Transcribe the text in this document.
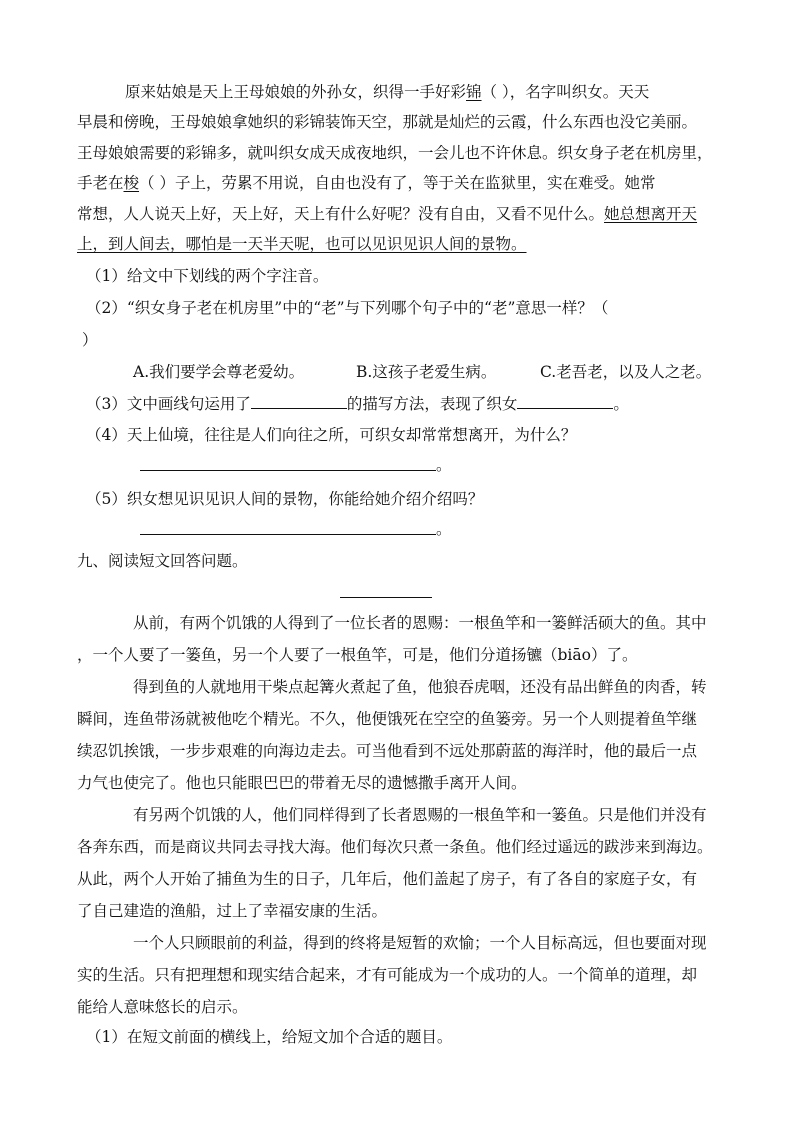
原来姑娘是天上王母娘娘的外孙女，织得一手好彩锦（ ），名字叫织女。天天
早晨和傍晚，王母娘娘拿她织的彩锦装饰天空，那就是灿烂的云霞，什么东西也没它美丽。
王母娘娘需要的彩锦多，就叫织女成天成夜地织，一会儿也不许休息。织女身子老在机房里，
手老在梭（ ）子上，劳累不用说，自由也没有了，等于关在监狱里，实在难受。她常
常想，人人说天上好，天上好，天上有什么好呢？没有自由，又看不见什么。她总想离开天
上，到人间去，哪怕是一天半天呢，也可以见识见识人间的景物。
（1）给文中下划线的两个字注音。
（2）“织女身子老在机房里”中的“老”与下列哪个句子中的“老”意思一样？（
）
A.我们要学会尊老爱幼。	B.这孩子老爱生病。	C.老吾老，以及人之老。
（3）文中画线句运用了	的描写方法，表现了织女	。
（4）天上仙境，往往是人们向往之所，可织女却常常想离开，为什么？
。
（5）织女想见识见识人间的景物，你能给她介绍介绍吗？
。
九、阅读短文回答问题。
从前，有两个饥饿的人得到了一位长者的恩赐：一根鱼竿和一篓鲜活硕大的鱼。其中
，一个人要了一篓鱼，另一个人要了一根鱼竿，可是，他们分道扬镳（biāo）了。
得到鱼的人就地用干柴点起篝火煮起了鱼，他狼吞虎咽，还没有品出鲜鱼的肉香，转
瞬间，连鱼带汤就被他吃个精光。不久，他便饿死在空空的鱼篓旁。另一个人则提着鱼竿继
续忍饥挨饿，一步步艰难的向海边走去。可当他看到不远处那蔚蓝的海洋时，他的最后一点
力气也使完了。他也只能眼巴巴的带着无尽的遗憾撒手离开人间。
有另两个饥饿的人，他们同样得到了长者恩赐的一根鱼竿和一篓鱼。只是他们并没有
各奔东西，而是商议共同去寻找大海。他们每次只煮一条鱼。他们经过遥远的跋涉来到海边。
从此，两个人开始了捕鱼为生的日子，几年后，他们盖起了房子，有了各自的家庭子女，有
了自己建造的渔船，过上了幸福安康的生活。
一个人只顾眼前的利益，得到的终将是短暂的欢愉；一个人目标高远，但也要面对现
实的生活。只有把理想和现实结合起来，才有可能成为一个成功的人。一个简单的道理，却
能给人意味悠长的启示。
（1）在短文前面的横线上，给短文加个合适的题目。
